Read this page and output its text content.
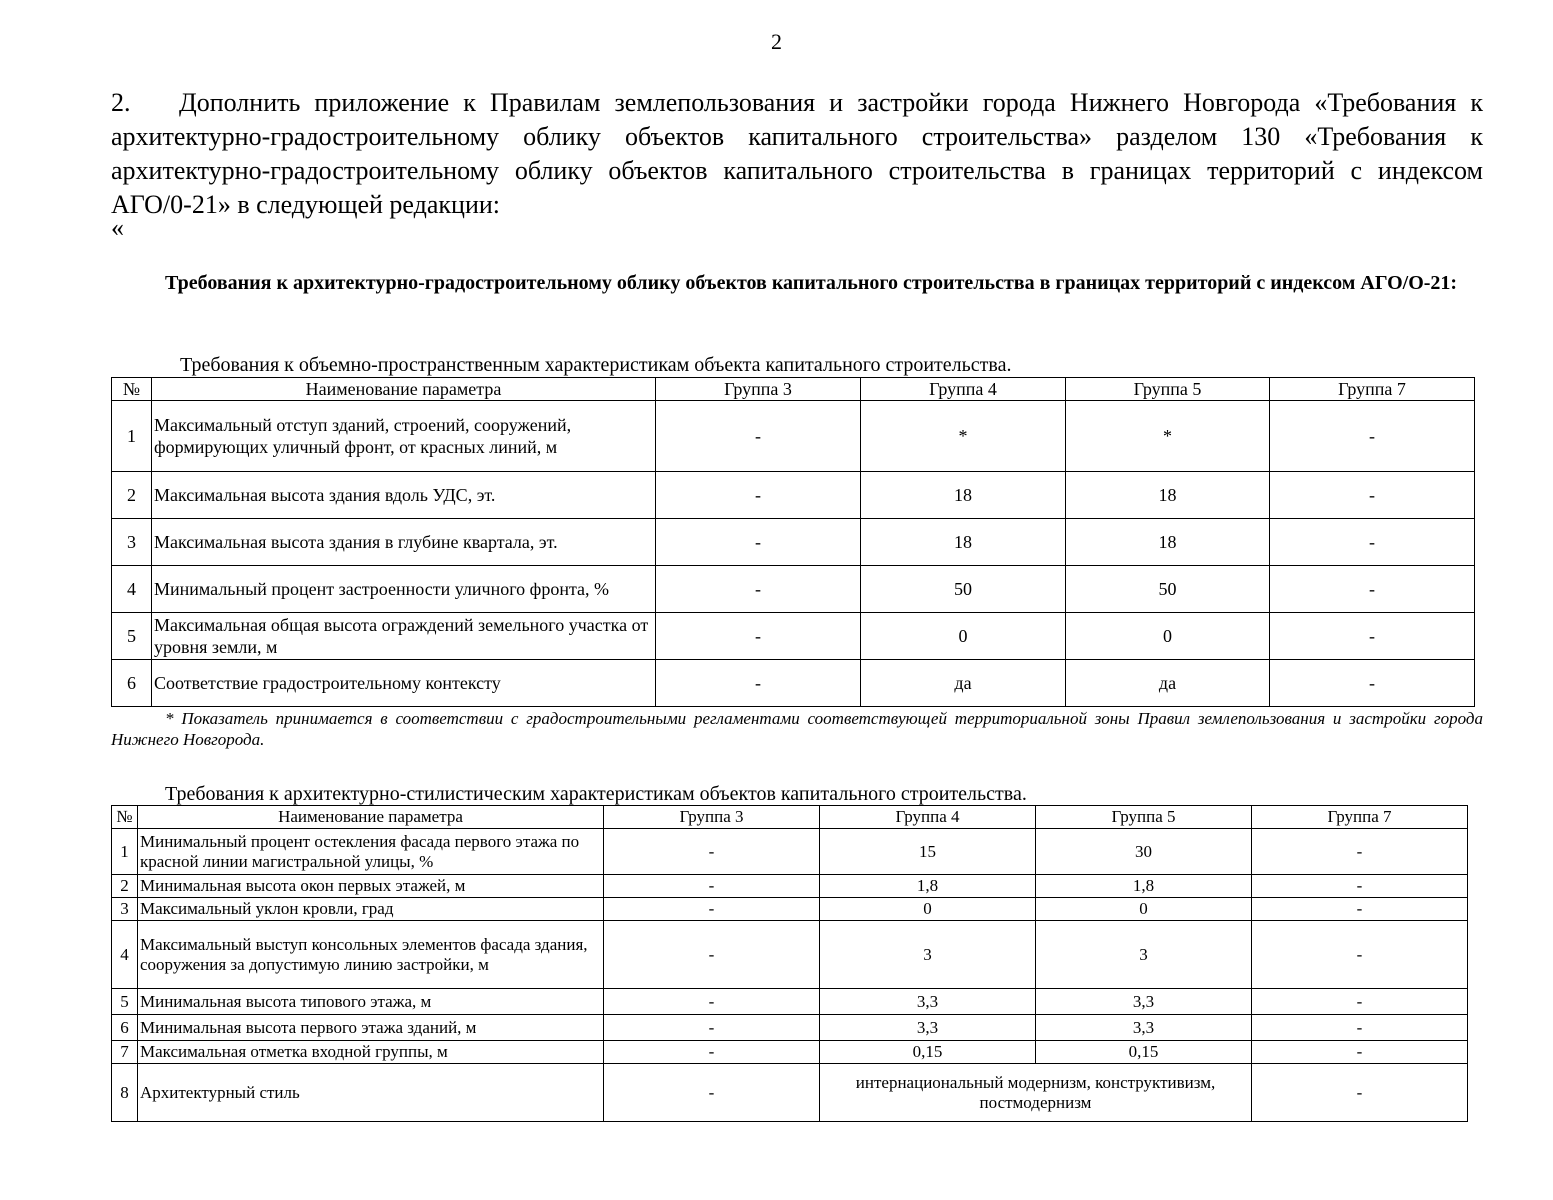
2
2. Дополнить приложение к Правилам землепользования и застройки города Нижнего Новгорода «Требования к архитектурно-градостроительному облику объектов капитального строительства» разделом 130 «Требования к архитектурно-градостроительному облику объектов капитального строительства в границах территорий с индексом АГО/0-21» в следующей редакции:
«
Требования к архитектурно-градостроительному облику объектов капитального строительства в границах территорий с индексом АГО/О-21:
Требования к объемно-пространственным характеристикам объекта капитального строительства.
№	Наименование параметра	Группа 3	Группа 4	Группа 5	Группа 7
1	Максимальный отступ зданий, строений, сооружений, формирующих уличный фронт, от красных линий, м	-	*	*	-
2	Максимальная высота здания вдоль УДС, эт.	-	18	18	-
3	Максимальная высота здания в глубине квартала, эт.	-	18	18	-
4	Минимальный процент застроенности уличного фронта, %	-	50	50	-
5	Максимальная общая высота ограждений земельного участка от уровня земли, м	-	0	0	-
6	Соответствие градостроительному контексту	-	да	да	-
* Показатель принимается в соответствии с градостроительными регламентами соответствующей территориальной зоны Правил землепользования и застройки города Нижнего Новгорода.
Требования к архитектурно-стилистическим характеристикам объектов капитального строительства.
№	Наименование параметра	Группа 3	Группа 4	Группа 5	Группа 7
1	Минимальный процент остекления фасада первого этажа по красной линии магистральной улицы, %	-	15	30	-
2	Минимальная высота окон первых этажей, м	-	1,8	1,8	-
3	Максимальный уклон кровли, град	-	0	0	-
4	Максимальный выступ консольных элементов фасада здания, сооружения за допустимую линию застройки, м	-	3	3	-
5	Минимальная высота типового этажа, м	-	3,3	3,3	-
6	Минимальная высота первого этажа зданий, м	-	3,3	3,3	-
7	Максимальная отметка входной группы, м	-	0,15	0,15	-
8	Архитектурный стиль	-	интернациональный модернизм, конструктивизм, постмодернизм		-
